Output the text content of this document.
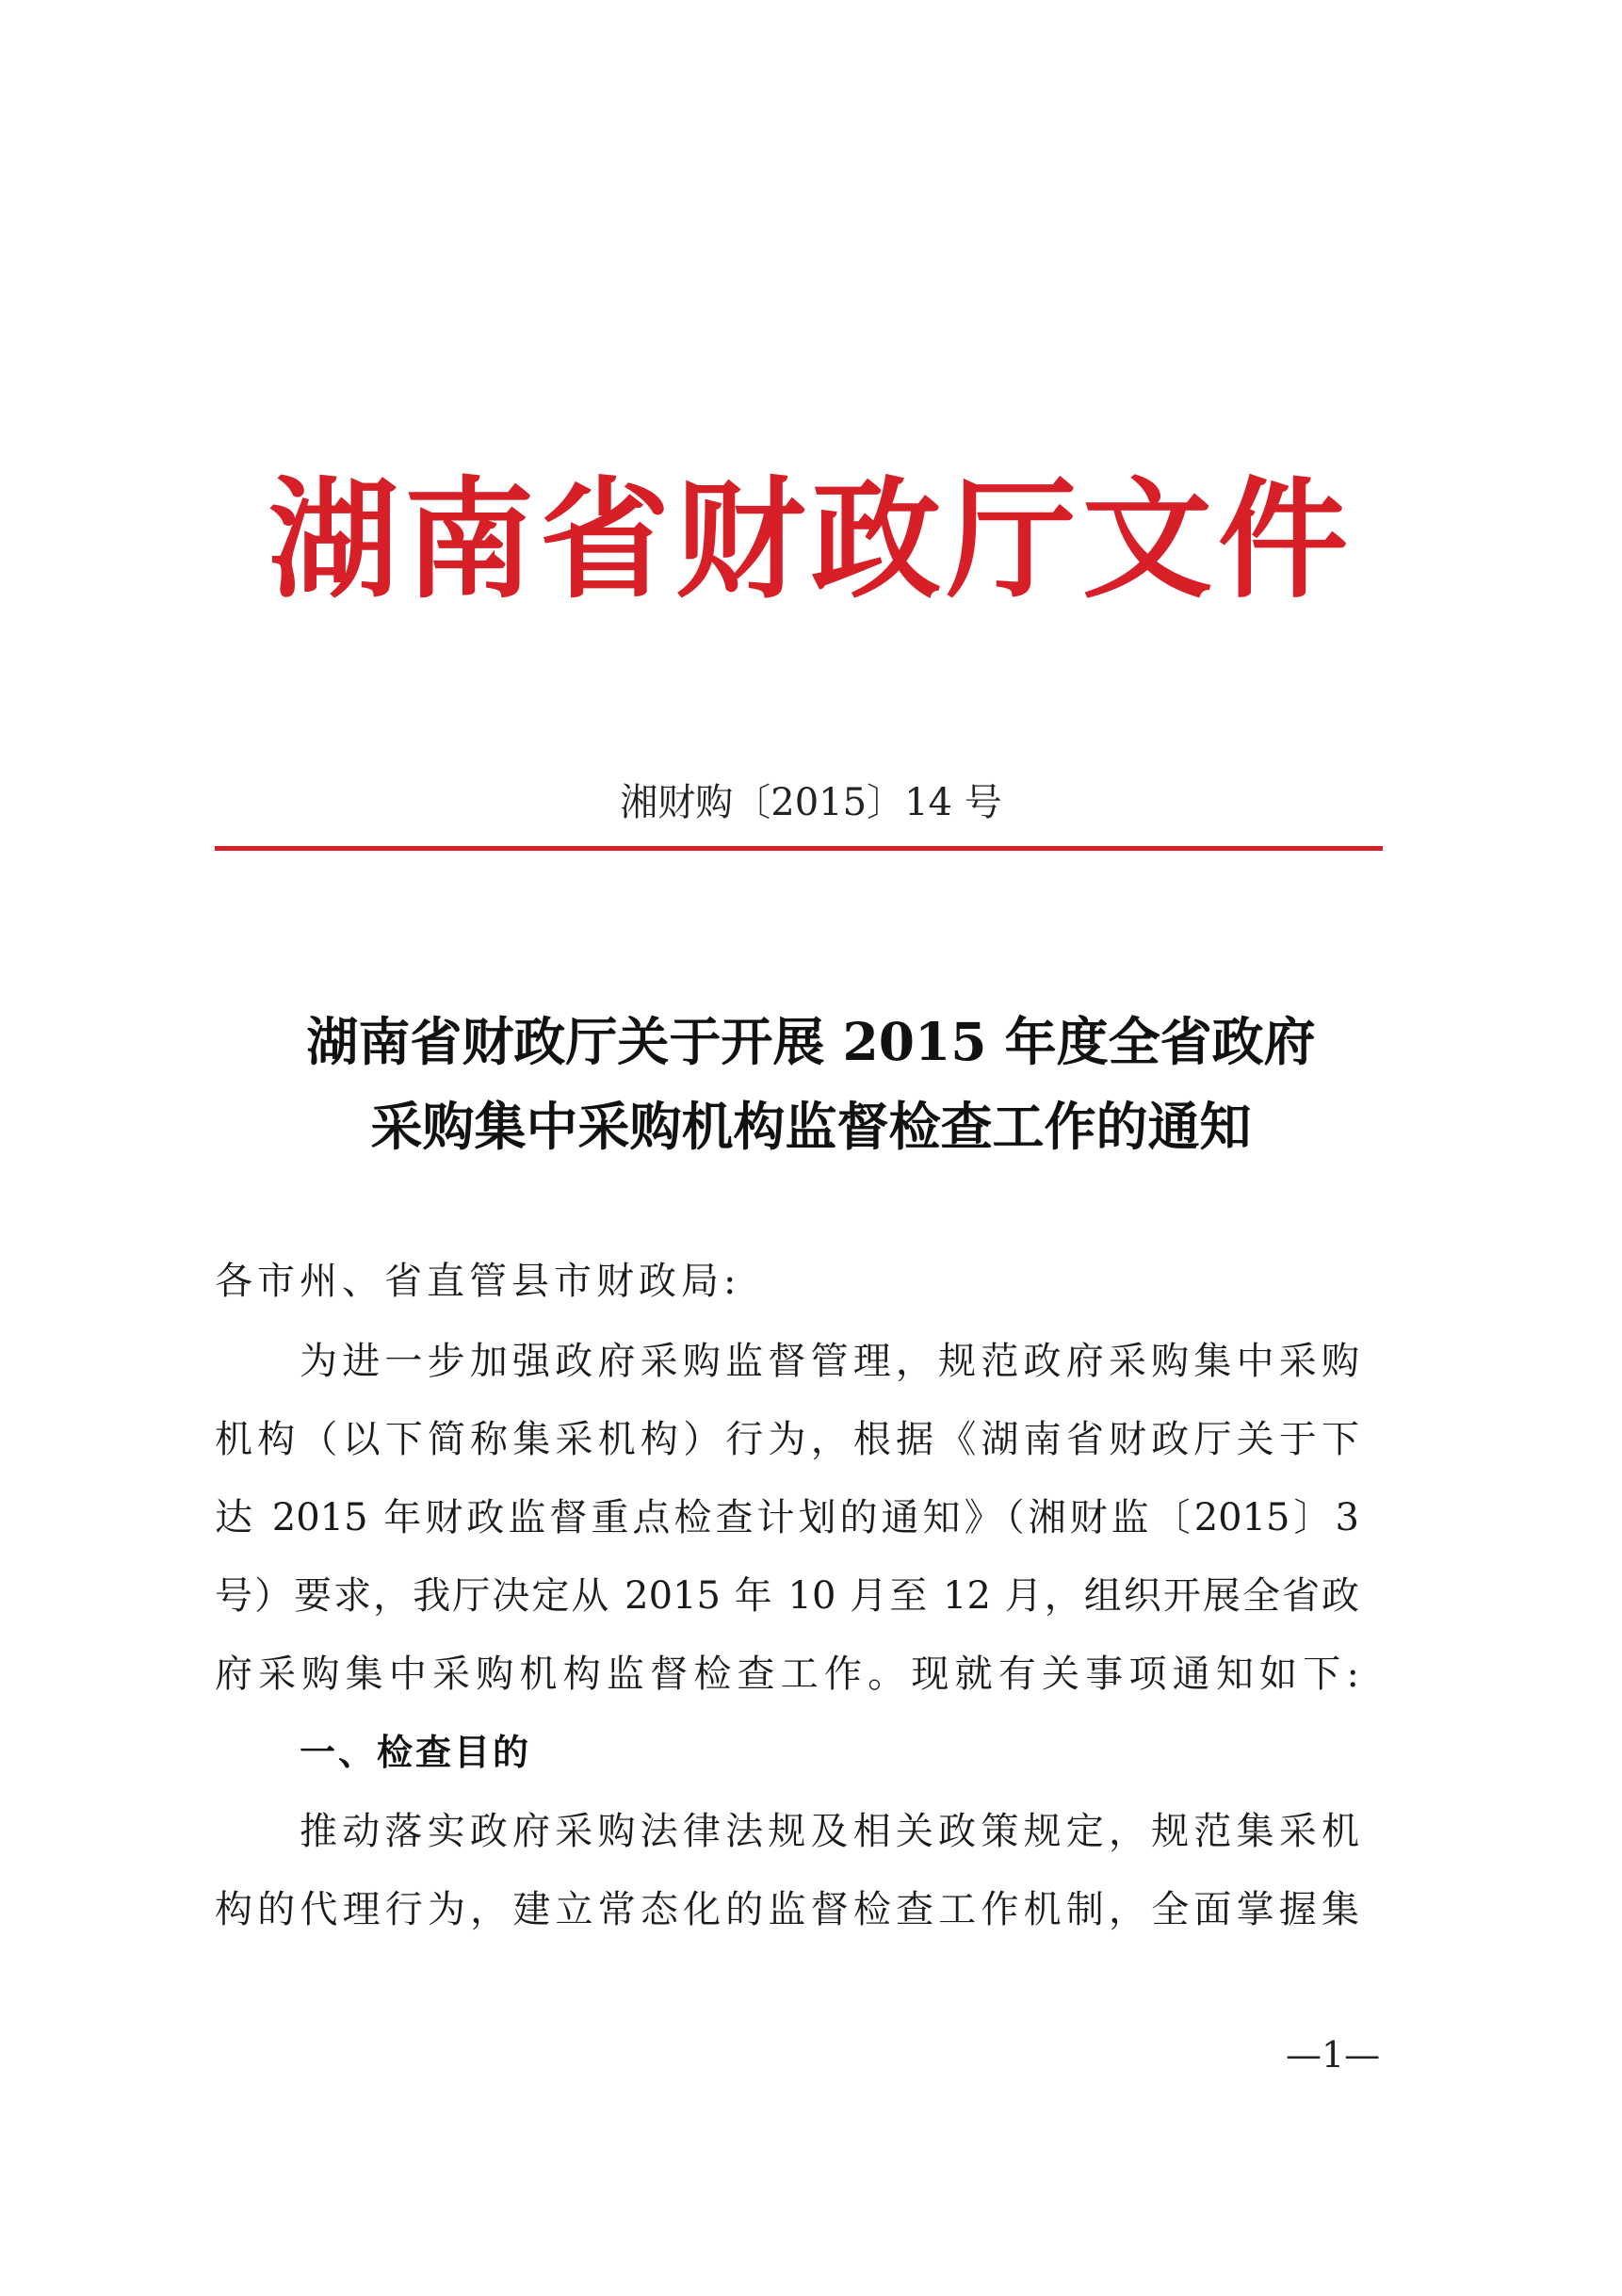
湖南省财政厅文件
湘财购〔2015〕14 号
湖南省财政厅关于开展 2015 年度全省政府
采购集中采购机构监督检查工作的通知
各市州、省直管县市财政局:
为进一步加强政府采购监督管理，规范政府采购集中采购
机构（以下简称集采机构）行为，根据《湖南省财政厅关于下
达 2015 年财政监督重点检查计划的通知》（湘财监〔2015〕3
号）要求，我厅决定从 2015 年 10 月至 12 月，组织开展全省政
府采购集中采购机构监督检查工作。现就有关事项通知如下:
一、检查目的
推动落实政府采购法律法规及相关政策规定，规范集采机
构的代理行为，建立常态化的监督检查工作机制，全面掌握集
—1—
